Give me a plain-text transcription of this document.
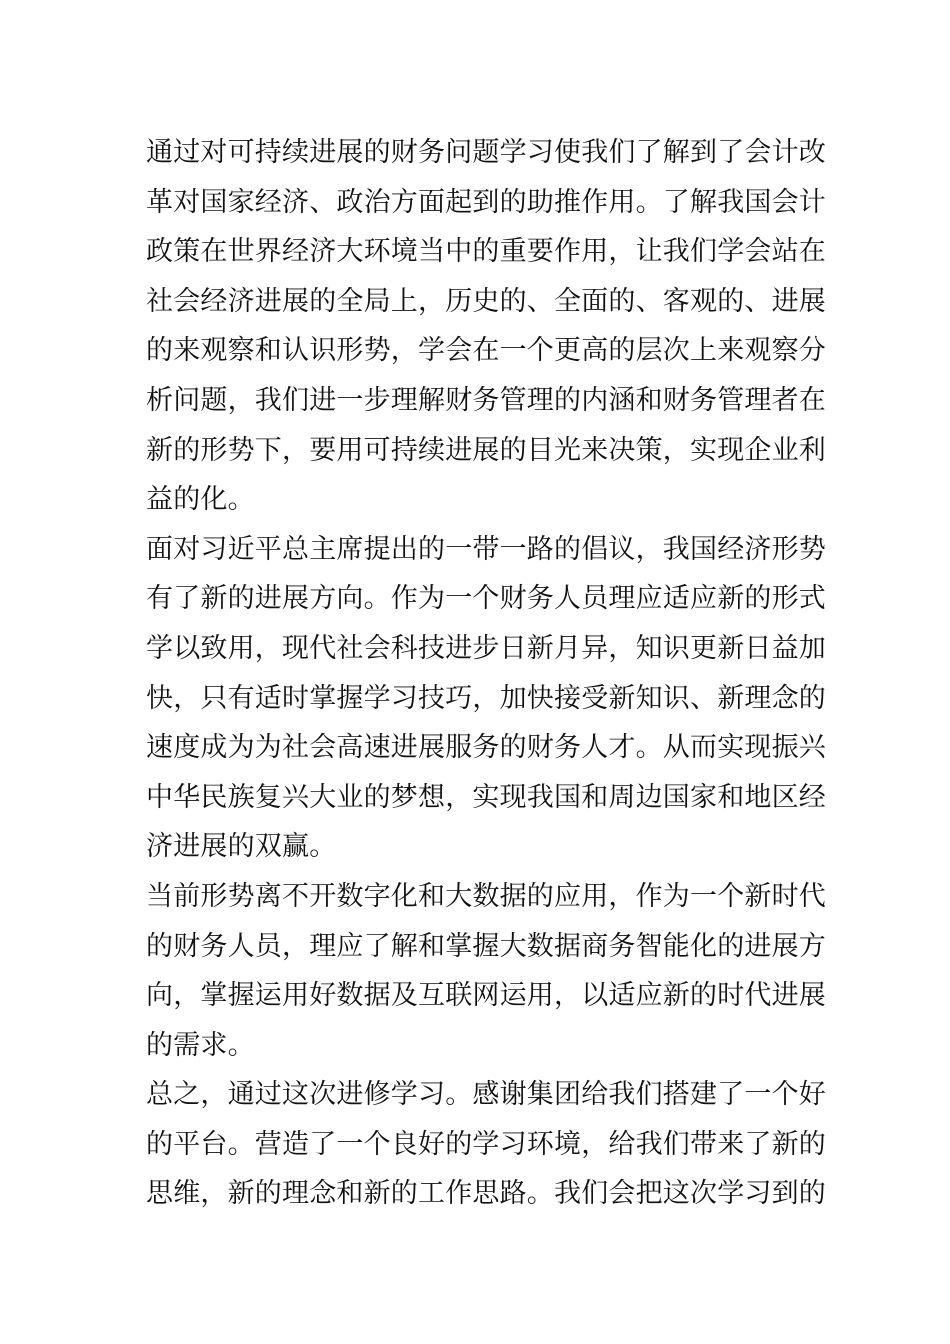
通过对可持续进展的财务问题学习使我们了解到了会计改
革对国家经济、政治方面起到的助推作用。了解我国会计
政策在世界经济大环境当中的重要作用，让我们学会站在
社会经济进展的全局上，历史的、全面的、客观的、进展
的来观察和认识形势，学会在一个更高的层次上来观察分
析问题，我们进一步理解财务管理的内涵和财务管理者在
新的形势下，要用可持续进展的目光来决策，实现企业利
益的化。
面对习近平总主席提出的一带一路的倡议，我国经济形势
有了新的进展方向。作为一个财务人员理应适应新的形式
学以致用，现代社会科技进步日新月异，知识更新日益加
快，只有适时掌握学习技巧，加快接受新知识、新理念的
速度成为为社会高速进展服务的财务人才。从而实现振兴
中华民族复兴大业的梦想，实现我国和周边国家和地区经
济进展的双赢。
当前形势离不开数字化和大数据的应用，作为一个新时代
的财务人员，理应了解和掌握大数据商务智能化的进展方
向，掌握运用好数据及互联网运用，以适应新的时代进展
的需求。
总之，通过这次进修学习。感谢集团给我们搭建了一个好
的平台。营造了一个良好的学习环境，给我们带来了新的
思维，新的理念和新的工作思路。我们会把这次学习到的
